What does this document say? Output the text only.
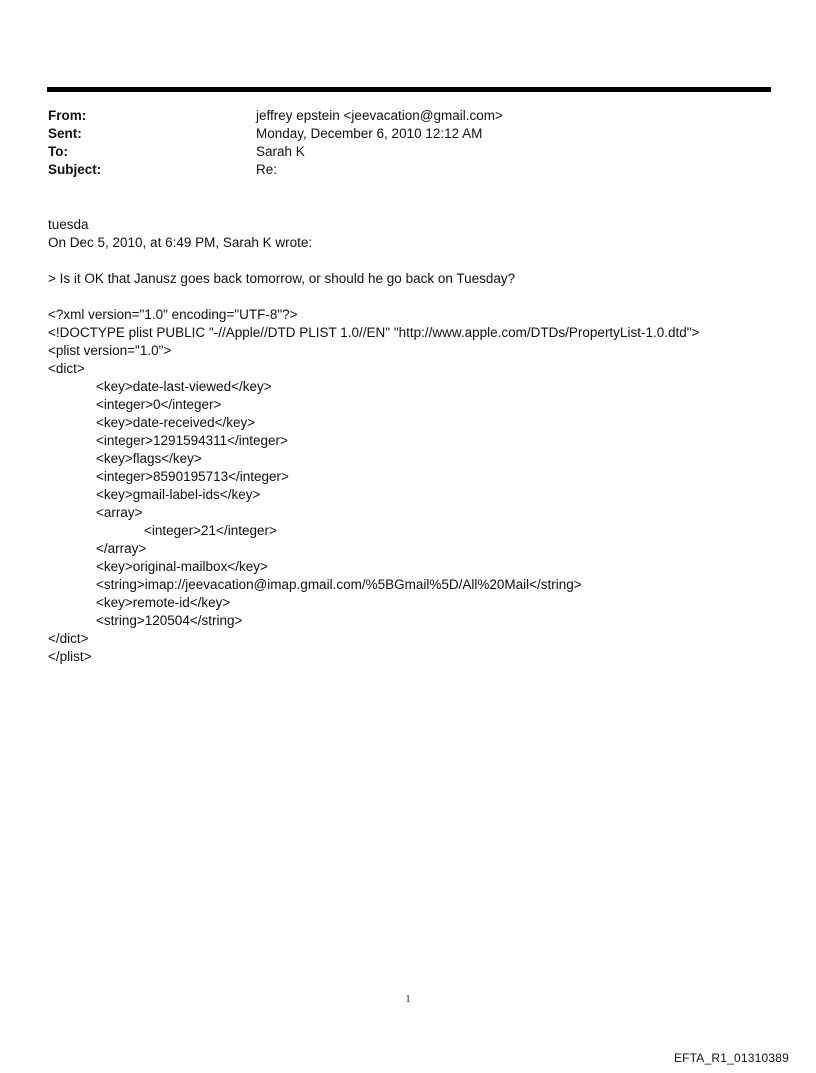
From:	jeffrey epstein <jeevacation@gmail.com>
Sent:	Monday, December 6, 2010 12:12 AM
To:	Sarah K
Subject:	Re:
tuesda
On Dec 5, 2010, at 6:49 PM, Sarah K wrote:
> Is it OK that Janusz goes back tomorrow, or should he go back on Tuesday?
<?xml version="1.0" encoding="UTF-8"?>
<!DOCTYPE plist PUBLIC "-//Apple//DTD PLIST 1.0//EN" "http://www.apple.com/DTDs/PropertyList-1.0.dtd">
<plist version="1.0">
<dict>
<key>date-last-viewed</key>
<integer>0</integer>
<key>date-received</key>
<integer>1291594311</integer>
<key>flags</key>
<integer>8590195713</integer>
<key>gmail-label-ids</key>
<array>
<integer>21</integer>
</array>
<key>original-mailbox</key>
<string>imap://jeevacation@imap.gmail.com/%5BGmail%5D/All%20Mail</string>
<key>remote-id</key>
<string>120504</string>
</dict>
</plist>
1
EFTA_R1_01310389
